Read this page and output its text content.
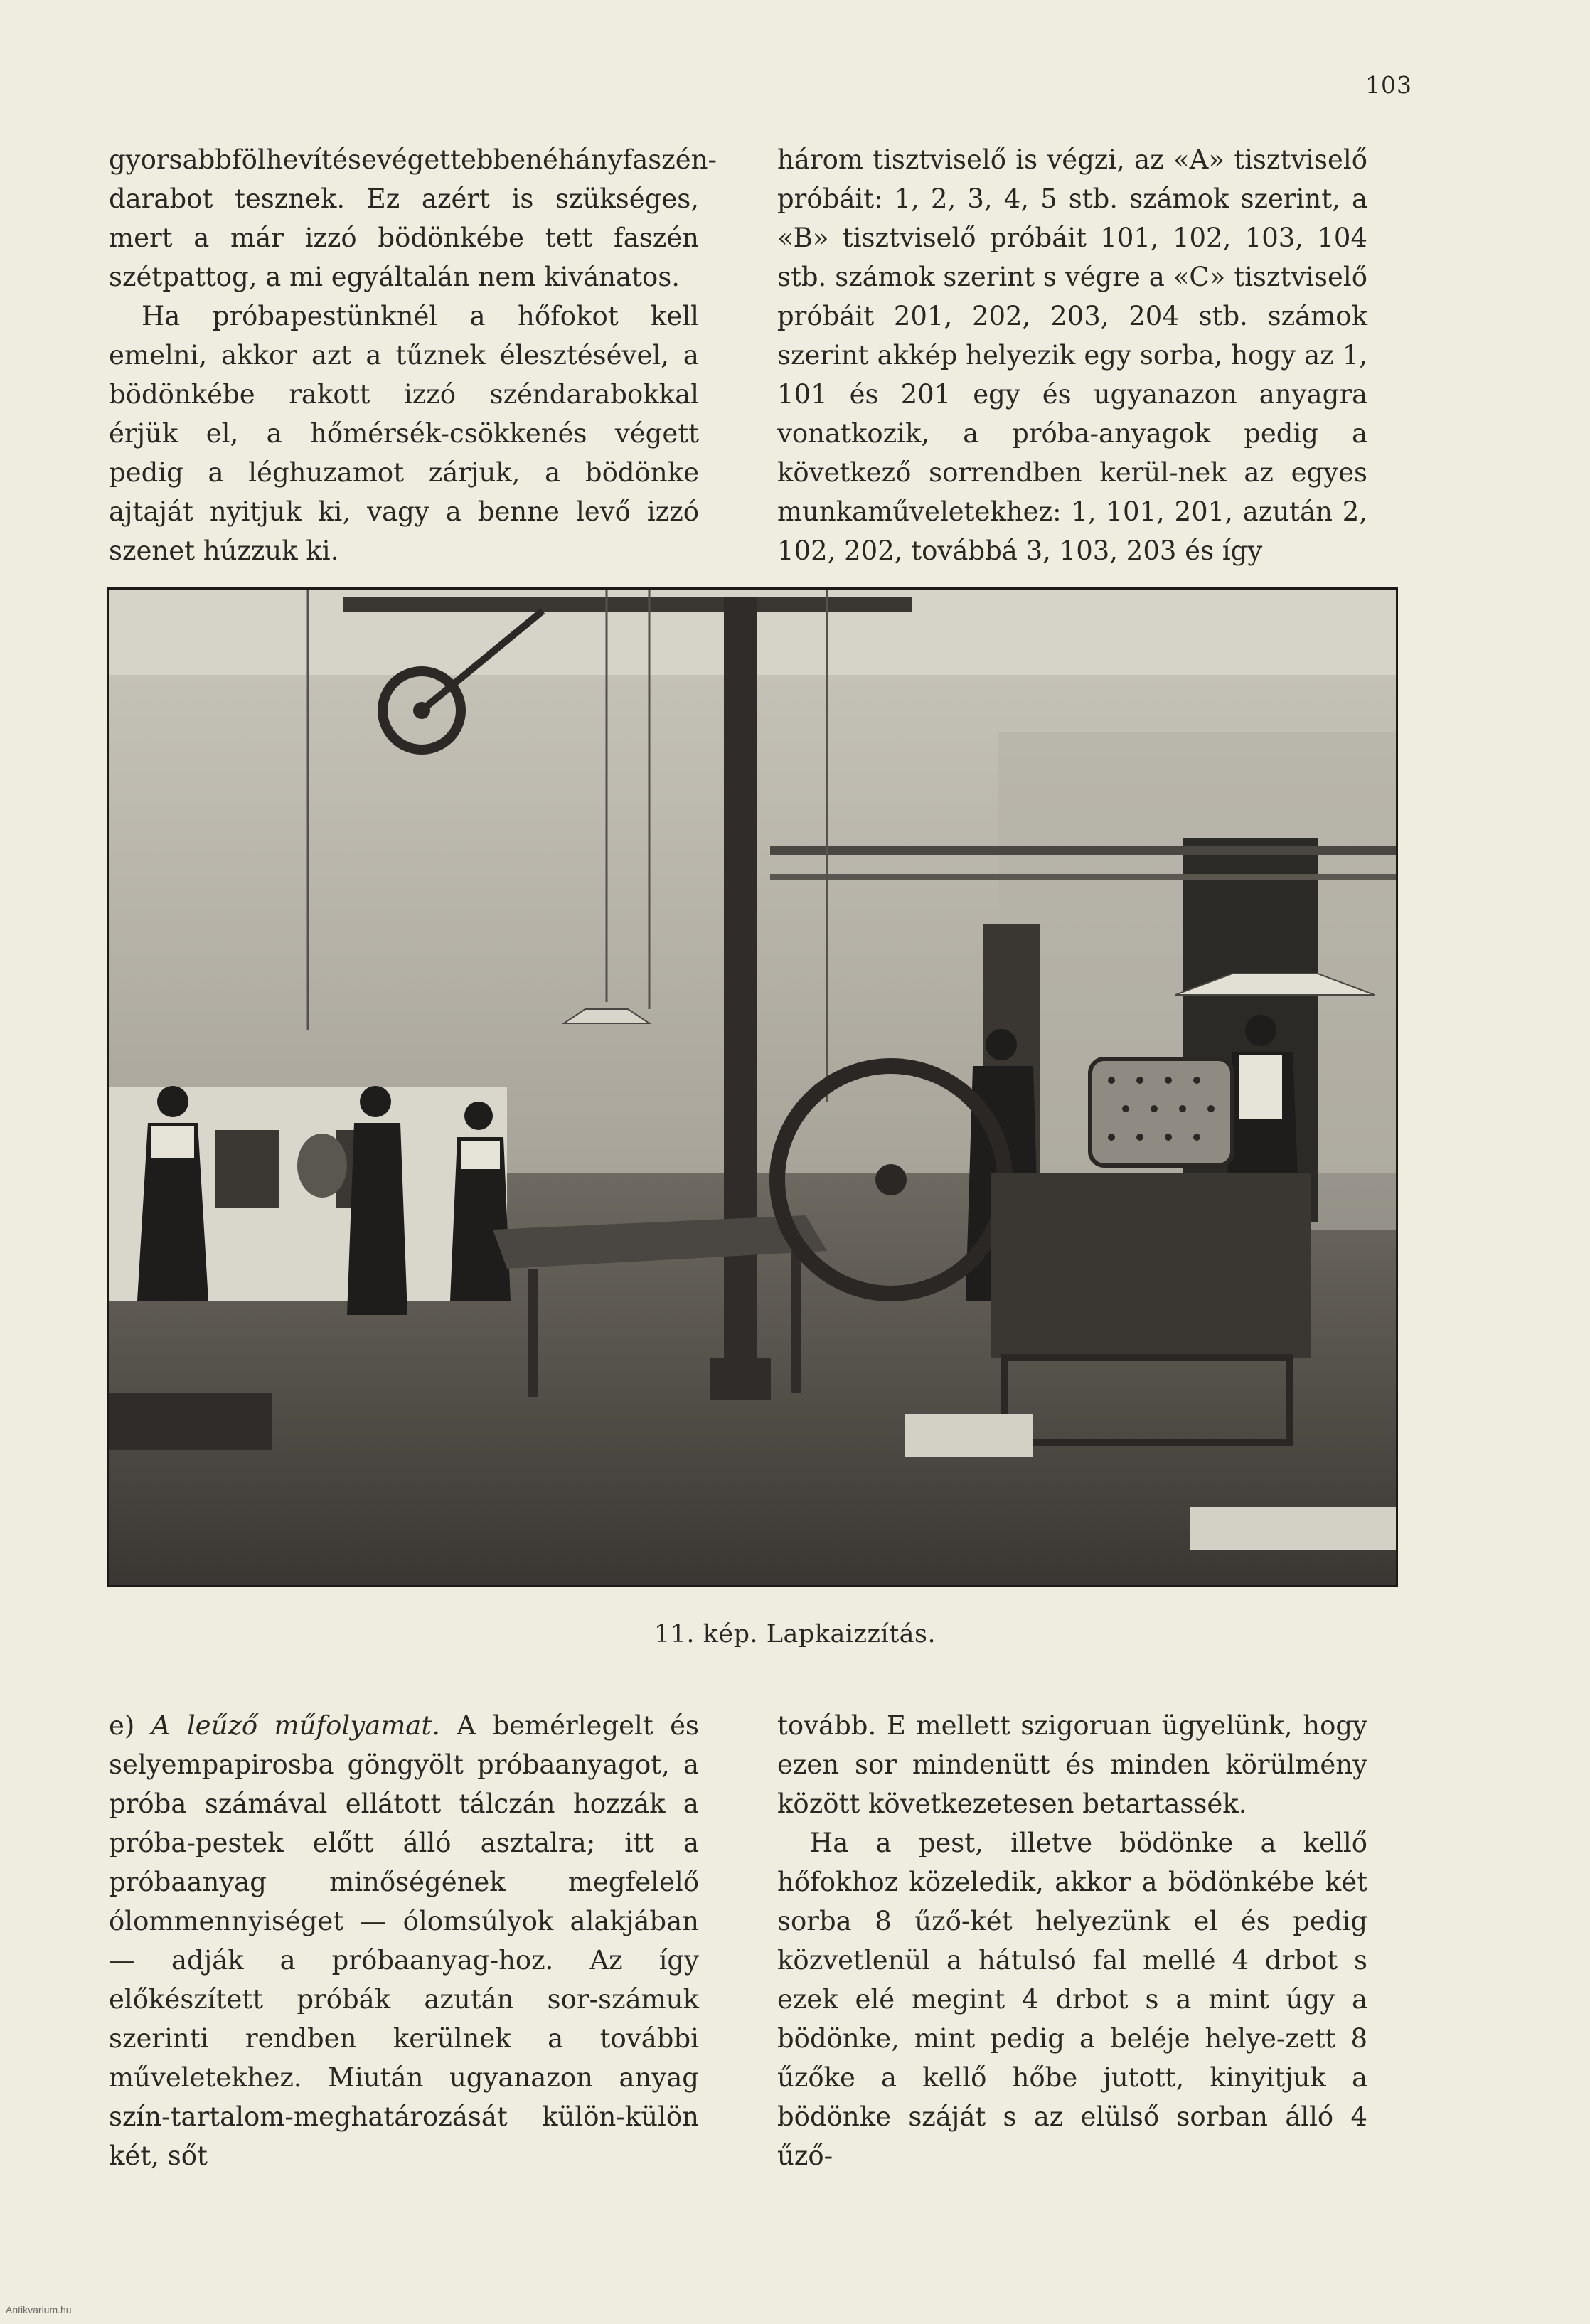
103

gyorsabbfölhevítésevégettebbenéhányfaszén-darabot tesznek. Ez azért is szükséges, mert a már izzó bödönkébe tett faszén szétpattog, a mi egyáltalán nem kivánatos.

Ha próbapestünknél a hőfokot kell emelni, akkor azt a tűznek élesztésével, a bödönkébe rakott izzó széndarabokkal érjük el, a hőmérsék-csökkenés végett pedig a léghuzamot zárjuk, a bödönke ajtaját nyitjuk ki, vagy a benne levő izzó szenet húzzuk ki.

három tisztviselő is végzi, az «A» tisztviselő próbáit: 1, 2, 3, 4, 5 stb. számok szerint, a «B» tisztviselő próbáit 101, 102, 103, 104 stb. számok szerint s végre a «C» tisztviselő próbáit 201, 202, 203, 204 stb. számok szerint akkép helyezik egy sorba, hogy az 1, 101 és 201 egy és ugyanazon anyagra vonatkozik, a próba-anyagok pedig a következő sorrendben kerül-nek az egyes munkaműveletekhez: 1, 101, 201, azután 2, 102, 202, továbbá 3, 103, 203 és így

11. kép. Lapkaizzítás.

e) A leűző műfolyamat. A bemérlegelt és selyempapirosba göngyölt próbaanyagot, a próba számával ellátott tálczán hozzák a próba-pestek előtt álló asztalra; itt a próbaanyag minőségének megfelelő ólommennyiséget — ólomsúlyok alakjában — adják a próbaanyag-hoz. Az így előkészített próbák azután sor-számuk szerinti rendben kerülnek a további műveletekhez. Miután ugyanazon anyag szín-tartalom-meghatározását külön-külön két, sőt

tovább. E mellett szigoruan ügyelünk, hogy ezen sor mindenütt és minden körülmény között következetesen betartassék.

Ha a pest, illetve bödönke a kellő hőfokhoz közeledik, akkor a bödönkébe két sorba 8 űző-két helyezünk el és pedig közvetlenül a hátulsó fal mellé 4 drbot s ezek elé megint 4 drbot s a mint úgy a bödönke, mint pedig a beléje helye-zett 8 űzőke a kellő hőbe jutott, kinyitjuk a bödönke száját s az elülső sorban álló 4 űző-

Antikvarium.hu
